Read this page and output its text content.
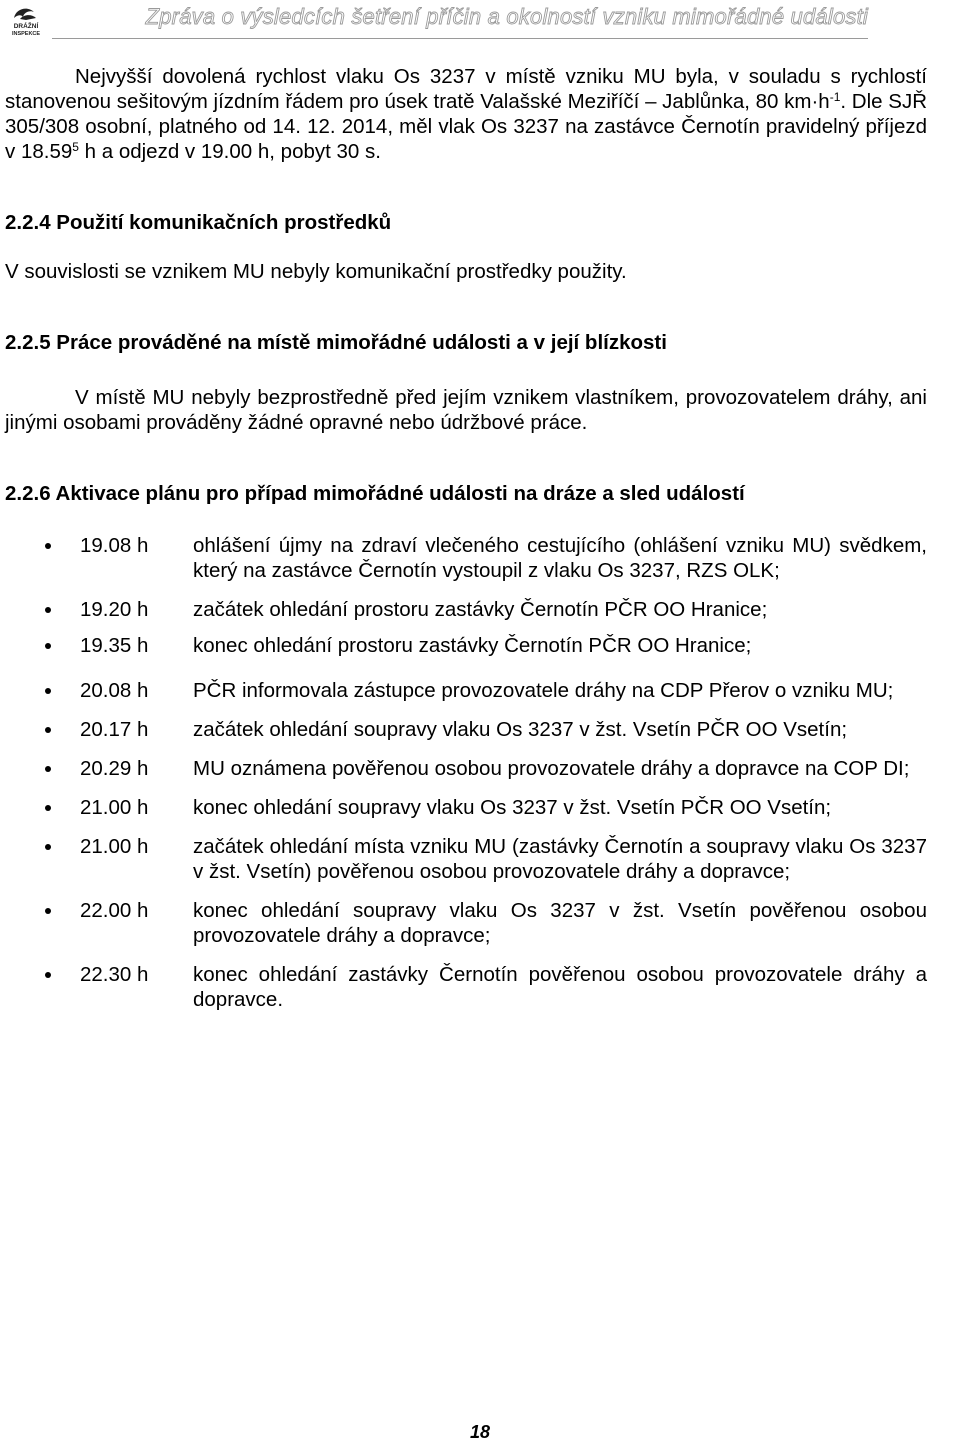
DRÁŽNÍ
INSPEKCE
Zpráva o výsledcích šetření příčin a okolností vzniku mimořádné události

Nejvyšší dovolená rychlost vlaku Os 3237 v místě vzniku MU byla, v souladu s rychlostí stanovenou sešitovým jízdním řádem pro úsek tratě Valašské Meziříčí – Jablůnka, 80 $km\cdot h^{-1}$. Dle SJŘ 305/308 osobní, platného od 14. 12. 2014, měl vlak Os 3237 na zastávce Černotín pravidelný příjezd v 18.59$^5$ h a odjezd v 19.00 h, pobyt 30 s.

2.2.4 Použití komunikačních prostředků

V souvislosti se vznikem MU nebyly komunikační prostředky použity.

2.2.5 Práce prováděné na místě mimořádné události a v její blízkosti

V místě MU nebyly bezprostředně před jejím vznikem vlastníkem, provozovatelem dráhy, ani jinými osobami prováděny žádné opravné nebo údržbové práce.

2.2.6 Aktivace plánu pro případ mimořádné události na dráze a sled událostí

19.08 h	ohlášení újmy na zdraví vlečeného cestujícího (ohlášení vzniku MU) svědkem, který na zastávce Černotín vystoupil z vlaku Os 3237, RZS OLK;
19.20 h	začátek ohledání prostoru zastávky Černotín PČR OO Hranice;
19.35 h	konec ohledání prostoru zastávky Černotín PČR OO Hranice;
20.08 h	PČR informovala zástupce provozovatele dráhy na CDP Přerov o vzniku MU;
20.17 h	začátek ohledání soupravy vlaku Os 3237 v žst. Vsetín PČR OO Vsetín;
20.29 h	MU oznámena pověřenou osobou provozovatele dráhy a dopravce na COP DI;
21.00 h	konec ohledání soupravy vlaku Os 3237 v žst. Vsetín PČR OO Vsetín;
21.00 h	začátek ohledání místa vzniku MU (zastávky Černotín a soupravy vlaku Os 3237 v žst. Vsetín) pověřenou osobou provozovatele dráhy a dopravce;
22.00 h	konec ohledání soupravy vlaku Os 3237 v žst. Vsetín pověřenou osobou provozovatele dráhy a dopravce;
22.30 h	konec ohledání zastávky Černotín pověřenou osobou provozovatele dráhy a dopravce.
18
